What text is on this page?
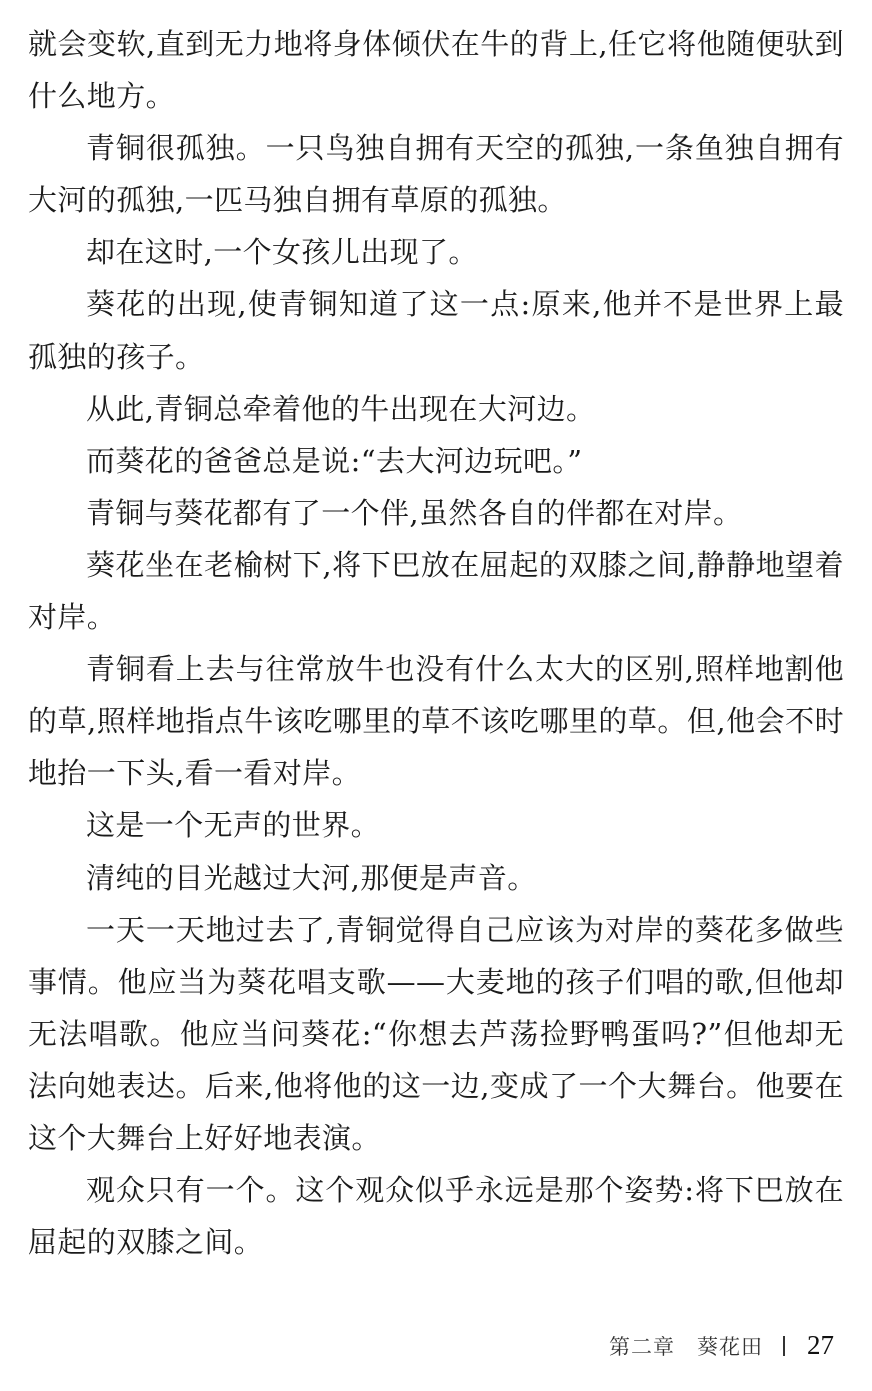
就会变软,直到无力地将身体倾伏在牛的背上,任它将他随便驮到什么地方。

青铜很孤独。一只鸟独自拥有天空的孤独,一条鱼独自拥有大河的孤独,一匹马独自拥有草原的孤独。

却在这时,一个女孩儿出现了。

葵花的出现,使青铜知道了这一点:原来,他并不是世界上最孤独的孩子。

从此,青铜总牵着他的牛出现在大河边。

而葵花的爸爸总是说:“去大河边玩吧。”

青铜与葵花都有了一个伴,虽然各自的伴都在对岸。

葵花坐在老榆树下,将下巴放在屈起的双膝之间,静静地望着对岸。

青铜看上去与往常放牛也没有什么太大的区别,照样地割他的草,照样地指点牛该吃哪里的草不该吃哪里的草。但,他会不时地抬一下头,看一看对岸。

这是一个无声的世界。

清纯的目光越过大河,那便是声音。

一天一天地过去了,青铜觉得自己应该为对岸的葵花多做些事情。他应当为葵花唱支歌——大麦地的孩子们唱的歌,但他却无法唱歌。他应当问葵花:“你想去芦荡捡野鸭蛋吗?”但他却无法向她表达。后来,他将他的这一边,变成了一个大舞台。他要在这个大舞台上好好地表演。

观众只有一个。这个观众似乎永远是那个姿势:将下巴放在屈起的双膝之间。

第二章 葵花田 27
